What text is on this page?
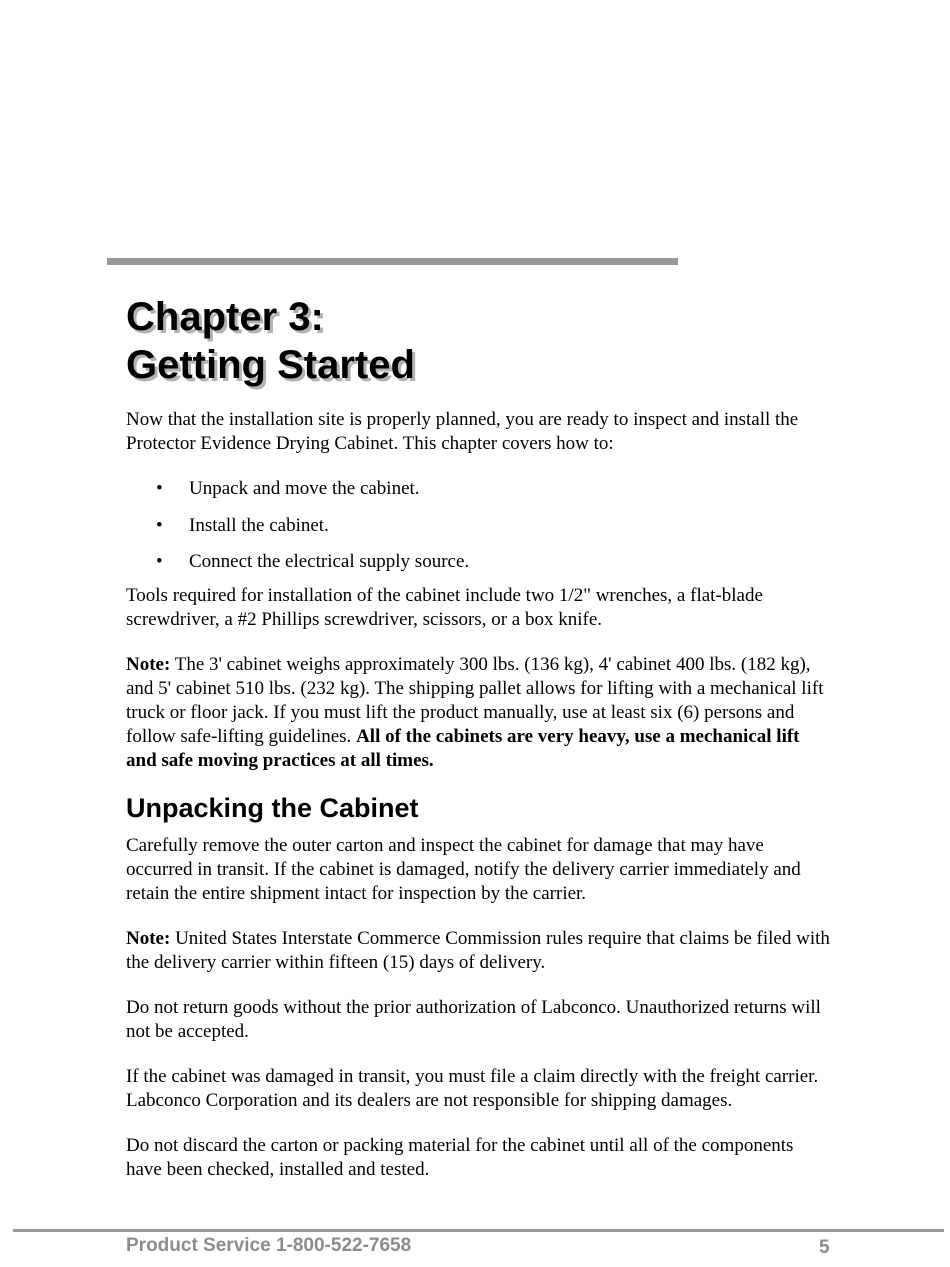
Chapter 3:
Getting Started

Now that the installation site is properly planned, you are ready to inspect and install the Protector Evidence Drying Cabinet. This chapter covers how to:

• Unpack and move the cabinet.
• Install the cabinet.
• Connect the electrical supply source.

Tools required for installation of the cabinet include two 1/2" wrenches, a flat-blade screwdriver, a #2 Phillips screwdriver, scissors, or a box knife.

Note: The 3' cabinet weighs approximately 300 lbs. (136 kg), 4' cabinet 400 lbs. (182 kg), and 5' cabinet 510 lbs. (232 kg). The shipping pallet allows for lifting with a mechanical lift truck or floor jack. If you must lift the product manually, use at least six (6) persons and follow safe-lifting guidelines. All of the cabinets are very heavy, use a mechanical lift and safe moving practices at all times.

Unpacking the Cabinet

Carefully remove the outer carton and inspect the cabinet for damage that may have occurred in transit. If the cabinet is damaged, notify the delivery carrier immediately and retain the entire shipment intact for inspection by the carrier.

Note: United States Interstate Commerce Commission rules require that claims be filed with the delivery carrier within fifteen (15) days of delivery.

Do not return goods without the prior authorization of Labconco. Unauthorized returns will not be accepted.

If the cabinet was damaged in transit, you must file a claim directly with the freight carrier. Labconco Corporation and its dealers are not responsible for shipping damages.

Do not discard the carton or packing material for the cabinet until all of the components have been checked, installed and tested.

Product Service 1-800-522-7658	5
